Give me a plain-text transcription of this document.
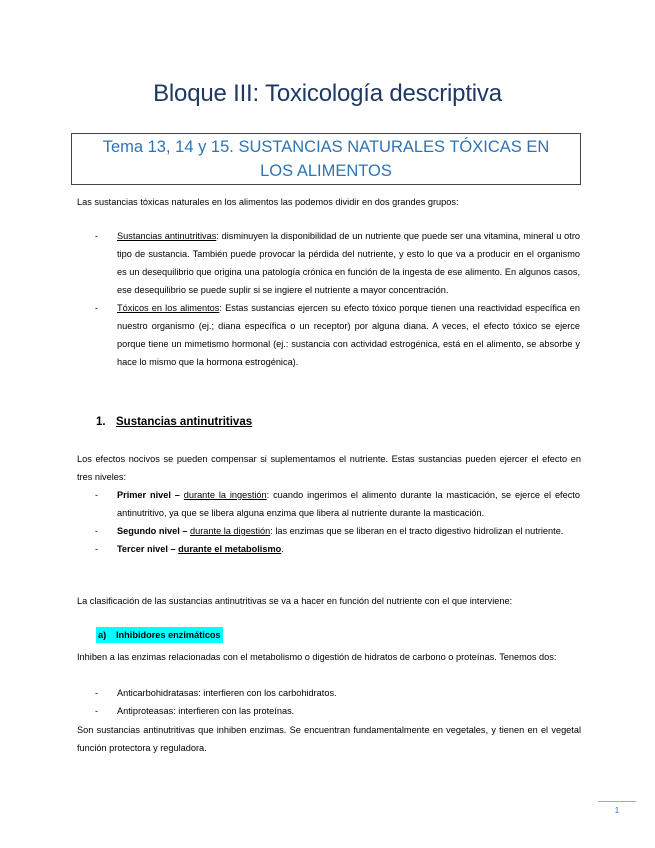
Bloque III: Toxicología descriptiva
Tema 13, 14 y 15. SUSTANCIAS NATURALES TÓXICAS EN LOS ALIMENTOS
Las sustancias tóxicas naturales en los alimentos las podemos dividir en dos grandes grupos:
- Sustancias antinutritivas: disminuyen la disponibilidad de un nutriente que puede ser una vitamina, mineral u otro tipo de sustancia. También puede provocar la pérdida del nutriente, y esto lo que va a producir en el organismo es un desequilibrio que origina una patología crónica en función de la ingesta de ese alimento. En algunos casos, ese desequilibrio se puede suplir si se ingiere el nutriente a mayor concentración.
- Tóxicos en los alimentos: Estas sustancias ejercen su efecto tóxico porque tienen una reactividad específica en nuestro organismo (ej.; diana específica o un receptor) por alguna diana. A veces, el efecto tóxico se ejerce porque tiene un mimetismo hormonal (ej.: sustancia con actividad estrogénica, está en el alimento, se absorbe y hace lo mismo que la hormona estrogénica).
1. Sustancias antinutritivas
Los efectos nocivos se pueden compensar si suplementamos el nutriente. Estas sustancias pueden ejercer el efecto en tres niveles:
- Primer nivel – durante la ingestión: cuando ingerimos el alimento durante la masticación, se ejerce el efecto antinutritivo, ya que se libera alguna enzima que libera al nutriente durante la masticación.
- Segundo nivel – durante la digestión: las enzimas que se liberan en el tracto digestivo hidrolizan el nutriente.
- Tercer nivel – durante el metabolismo.
La clasificación de las sustancias antinutritivas se va a hacer en función del nutriente con el que interviene:
a) Inhibidores enzimáticos
Inhiben a las enzimas relacionadas con el metabolismo o digestión de hidratos de carbono o proteínas. Tenemos dos:
- Anticarbohidratasas: interfieren con los carbohidratos.
- Antiproteasas: interfieren con las proteínas.
Son sustancias antinutritivas que inhiben enzimas. Se encuentran fundamentalmente en vegetales, y tienen en el vegetal función protectora y reguladora.
1
